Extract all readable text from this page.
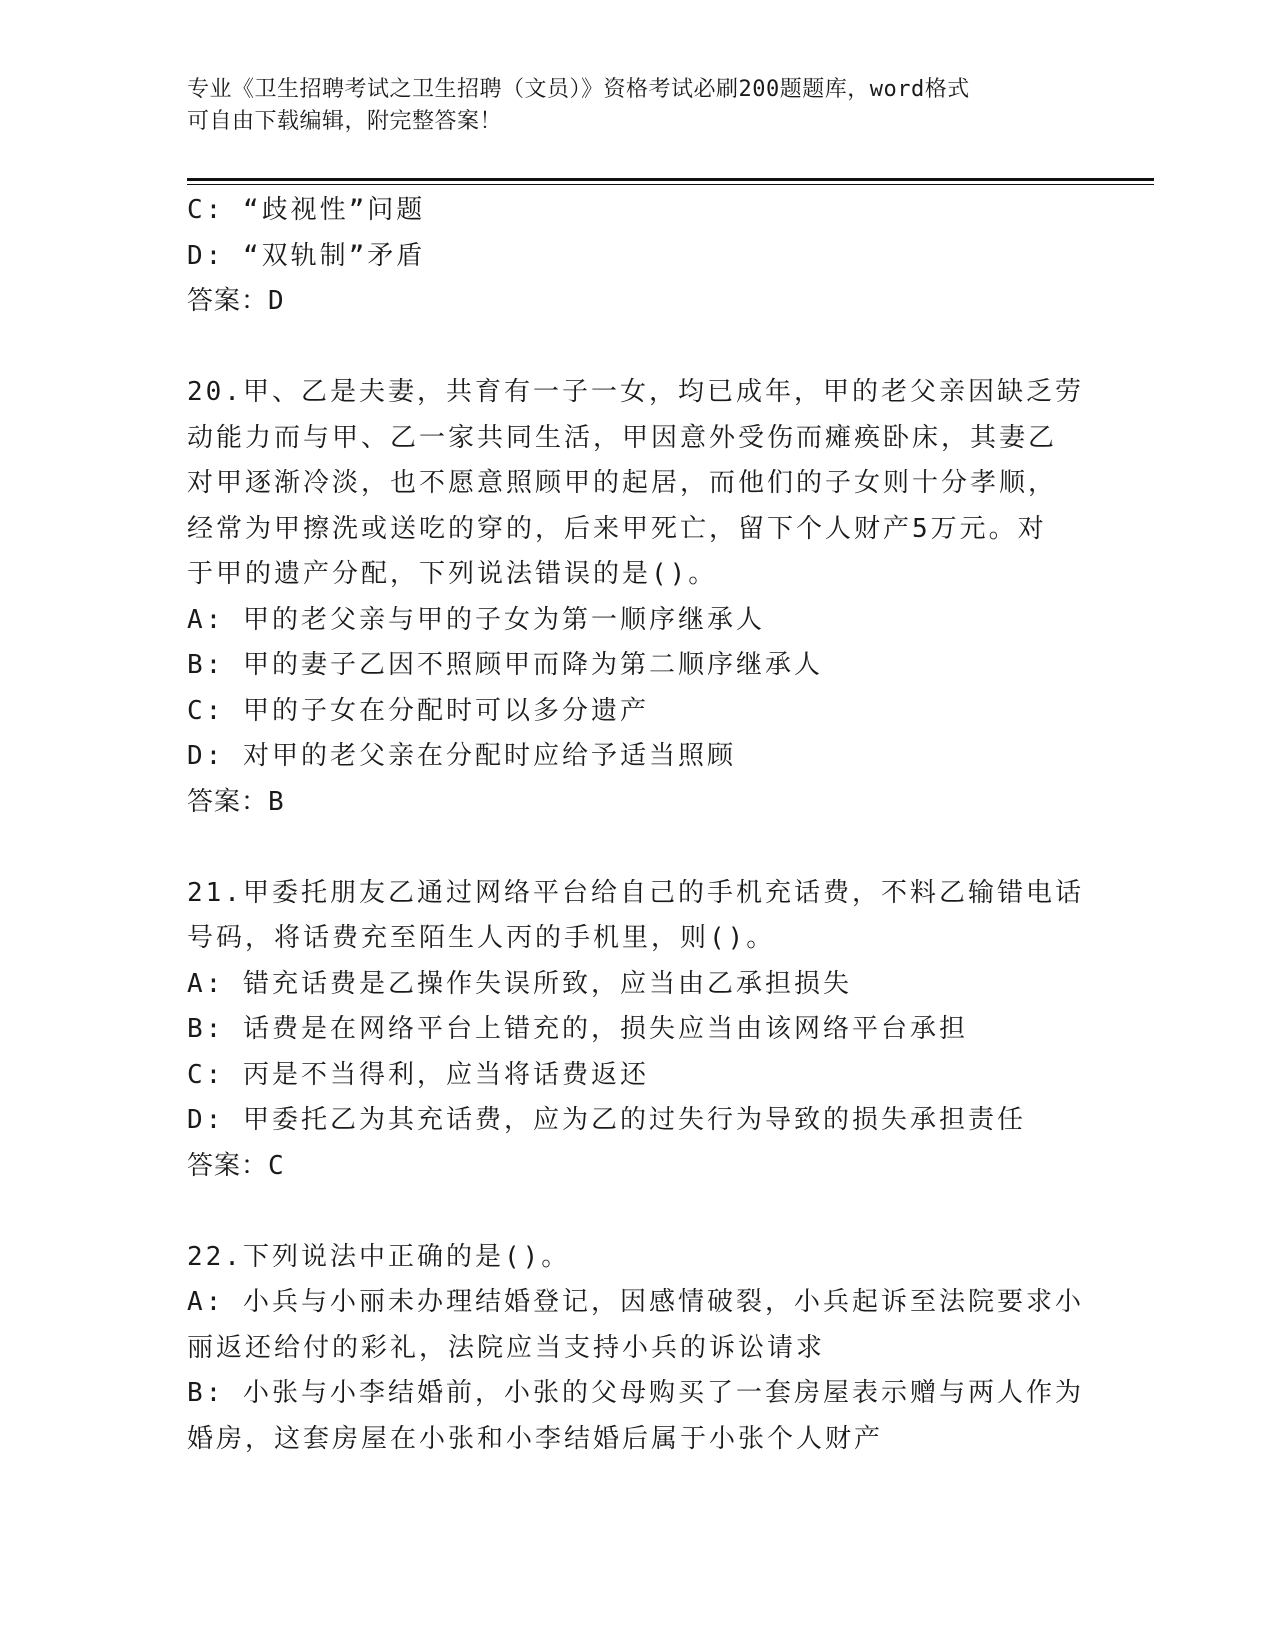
专业《卫生招聘考试之卫生招聘（文员）》资格考试必刷200题题库，word格式
可自由下载编辑，附完整答案！
C: “歧视性”问题
D: “双轨制”矛盾
答案：D
20.甲、乙是夫妻，共育有一子一女，均已成年，甲的老父亲因缺乏劳
动能力而与甲、乙一家共同生活，甲因意外受伤而瘫痪卧床，其妻乙
对甲逐渐冷淡，也不愿意照顾甲的起居，而他们的子女则十分孝顺，
经常为甲擦洗或送吃的穿的，后来甲死亡，留下个人财产5万元。对
于甲的遗产分配，下列说法错误的是()。
A: 甲的老父亲与甲的子女为第一顺序继承人
B: 甲的妻子乙因不照顾甲而降为第二顺序继承人
C: 甲的子女在分配时可以多分遗产
D: 对甲的老父亲在分配时应给予适当照顾
答案：B
21.甲委托朋友乙通过网络平台给自己的手机充话费，不料乙输错电话
号码，将话费充至陌生人丙的手机里，则()。
A: 错充话费是乙操作失误所致，应当由乙承担损失
B: 话费是在网络平台上错充的，损失应当由该网络平台承担
C: 丙是不当得利，应当将话费返还
D: 甲委托乙为其充话费，应为乙的过失行为导致的损失承担责任
答案：C
22.下列说法中正确的是()。
A: 小兵与小丽未办理结婚登记，因感情破裂，小兵起诉至法院要求小
丽返还给付的彩礼，法院应当支持小兵的诉讼请求
B: 小张与小李结婚前，小张的父母购买了一套房屋表示赠与两人作为
婚房，这套房屋在小张和小李结婚后属于小张个人财产
